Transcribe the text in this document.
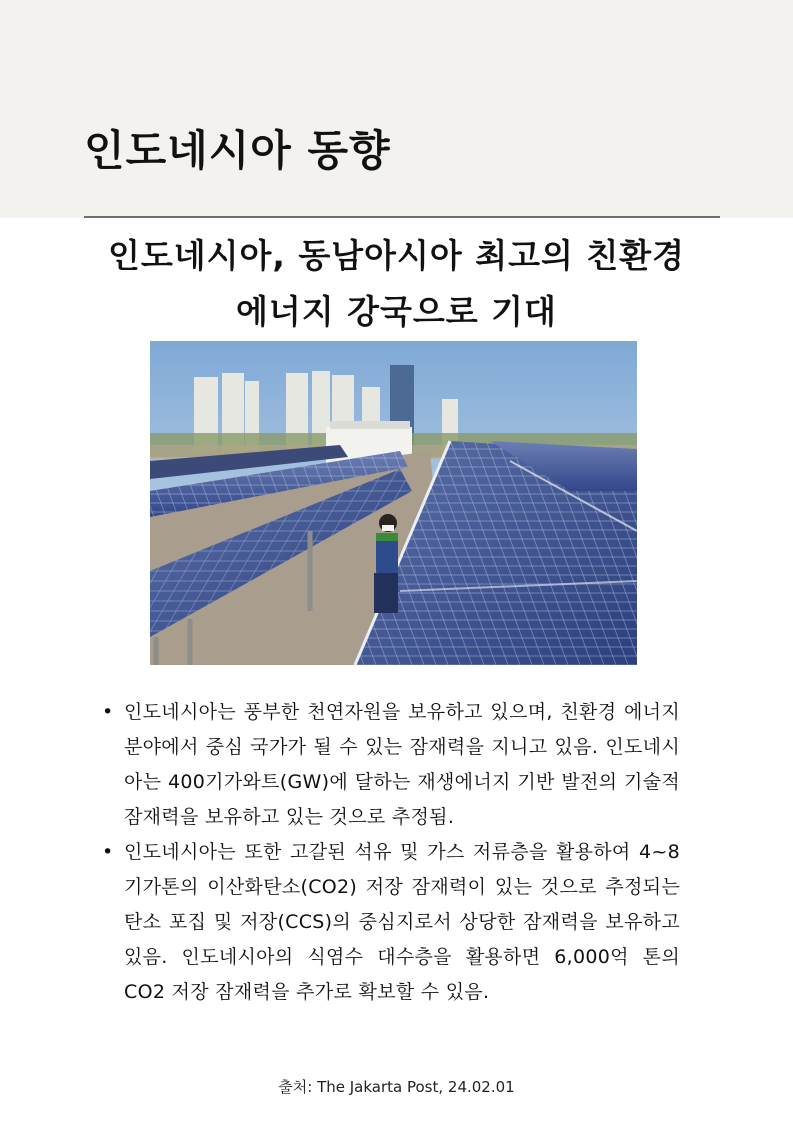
인도네시아 동향
인도네시아, 동남아시아 최고의 친환경
에너지 강국으로 기대
• 인도네시아는 풍부한 천연자원을 보유하고 있으며, 친환경 에너지 분야에서 중심 국가가 될 수 있는 잠재력을 지니고 있음. 인도네시아는 400기가와트(GW)에 달하는 재생에너지 기반 발전의 기술적 잠재력을 보유하고 있는 것으로 추정됨.
• 인도네시아는 또한 고갈된 석유 및 가스 저류층을 활용하여 4~8기가톤의 이산화탄소(CO2) 저장 잠재력이 있는 것으로 추정되는 탄소 포집 및 저장(CCS)의 중심지로서 상당한 잠재력을 보유하고 있음. 인도네시아의 식염수 대수층을 활용하면 6,000억 톤의 CO2 저장 잠재력을 추가로 확보할 수 있음.
출처: The Jakarta Post, 24.02.01
